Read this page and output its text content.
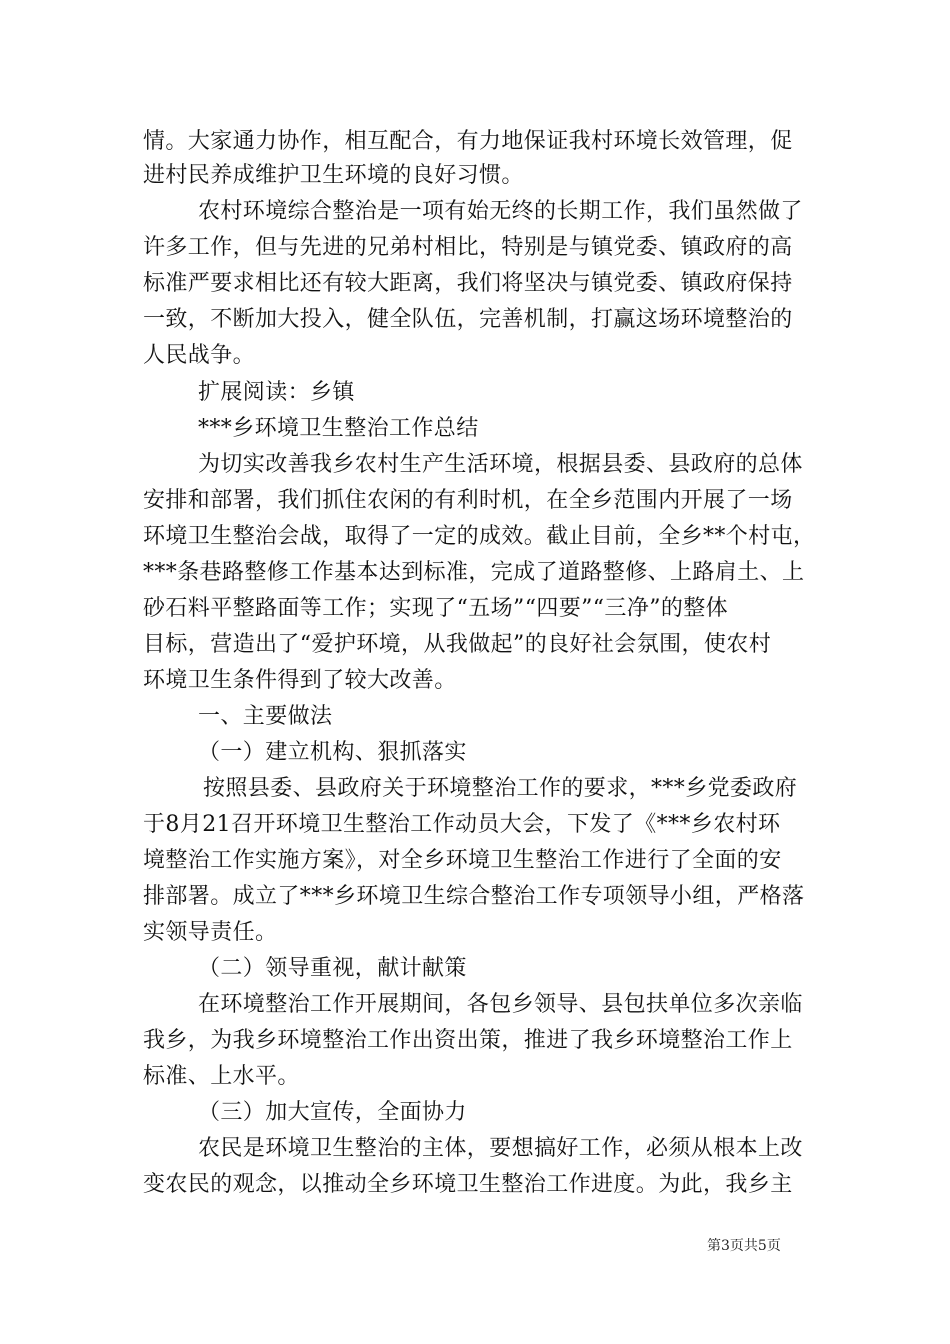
情。大家通力协作，相互配合，有力地保证我村环境长效管理，促
进村民养成维护卫生环境的良好习惯。
农村环境综合整治是一项有始无终的长期工作，我们虽然做了
许多工作，但与先进的兄弟村相比，特别是与镇党委、镇政府的高
标准严要求相比还有较大距离，我们将坚决与镇党委、镇政府保持
一致，不断加大投入，健全队伍，完善机制，打赢这场环境整治的
人民战争。
扩展阅读：乡镇
***乡环境卫生整治工作总结
为切实改善我乡农村生产生活环境，根据县委、县政府的总体
安排和部署，我们抓住农闲的有利时机，在全乡范围内开展了一场
环境卫生整治会战，取得了一定的成效。截止目前，全乡**个村屯，
***条巷路整修工作基本达到标准，完成了道路整修、上路肩土、上
砂石料平整路面等工作；实现了“五场”“四要”“三净”的整体
目标，营造出了“爱护环境，从我做起”的良好社会氛围，使农村
环境卫生条件得到了较大改善。
一、主要做法
（一）建立机构、狠抓落实
按照县委、县政府关于环境整治工作的要求，***乡党委政府
于8月21召开环境卫生整治工作动员大会，下发了《***乡农村环
境整治工作实施方案》，对全乡环境卫生整治工作进行了全面的安
排部署。成立了***乡环境卫生综合整治工作专项领导小组，严格落
实领导责任。
（二）领导重视，献计献策
在环境整治工作开展期间，各包乡领导、县包扶单位多次亲临
我乡，为我乡环境整治工作出资出策，推进了我乡环境整治工作上
标准、上水平。
（三）加大宣传，全面协力
农民是环境卫生整治的主体，要想搞好工作，必须从根本上改
变农民的观念，以推动全乡环境卫生整治工作进度。为此，我乡主
第3页共5页
